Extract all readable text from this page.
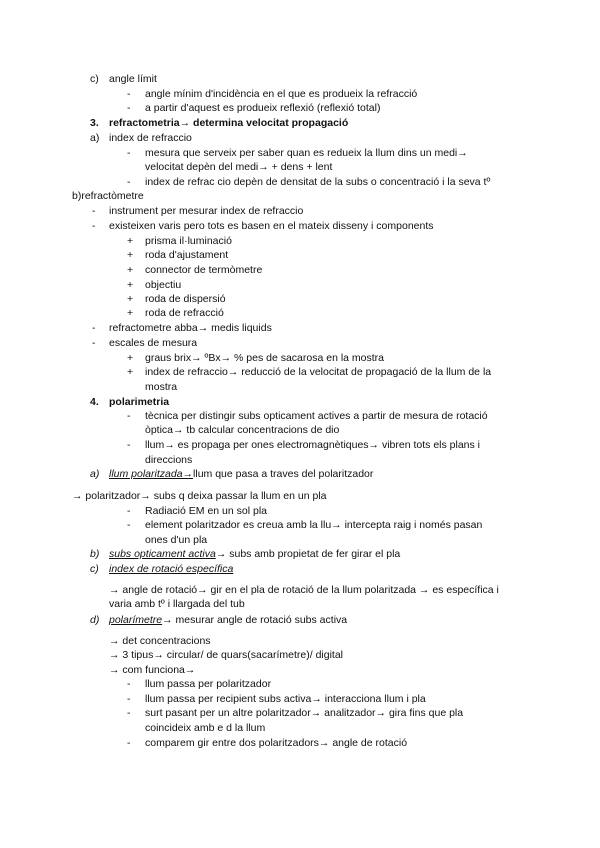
c) angle límit
- angle mínim d'incidència en el que es produeix la refracció
- a partir d'aquest es produeix reflexió (reflexió total)
3. refractometria→ determina velocitat propagació
a) index de refraccio
- mesura que serveix per saber quan es redueix la llum dins un medi→
velocitat depèn del medi→ + dens + lent
- index de refrac cio depèn de densitat de la subs o concentració i la seva tº
b)refractòmetre
- instrument per mesurar index de refraccio
- existeixen varis pero tots es basen en el mateix disseny i components
+ prisma il·luminació
+ roda d'ajustament
+ connector de termòmetre
+ objectiu
+ roda de dispersió
+ roda de refracció
- refractometre abba→ medis liquids
- escales de mesura
+ graus brix→ ºBx→ % pes de sacarosa en la mostra
+ index de refraccio→ reducció de la velocitat de propagació de la llum de la
mostra
4. polarimetria
- tècnica per distingir subs opticament actives a partir de mesura de rotació
òptica→ tb calcular concentracions de dio
- llum→ es propaga per ones electromagnètiques→ vibren tots els plans i
direccions
a) llum polaritzada→llum que pasa a traves del polaritzador
→ polaritzador→ subs q deixa passar la llum en un pla
- Radiació EM en un sol pla
- element polaritzador es creua amb la llu→ intercepta raig i només pasan
ones d'un pla
b) subs opticament activa→ subs amb propietat de fer girar el pla
c) index de rotació específica
→ angle de rotació→ gir en el pla de rotació de la llum polaritzada → es específica i
varia amb tº i llargada del tub
d) polarímetre→ mesurar angle de rotació subs activa
→ det concentracions
→ 3 tipus→ circular/ de quars(sacarímetre)/ digital
→ com funciona→
- llum passa per polaritzador
- llum passa per recipient subs activa→ interacciona llum i pla
- surt pasant per un altre polaritzador→ analitzador→ gira fins que pla
coincideix amb e d la llum
- comparem gir entre dos polaritzadors→ angle de rotació
